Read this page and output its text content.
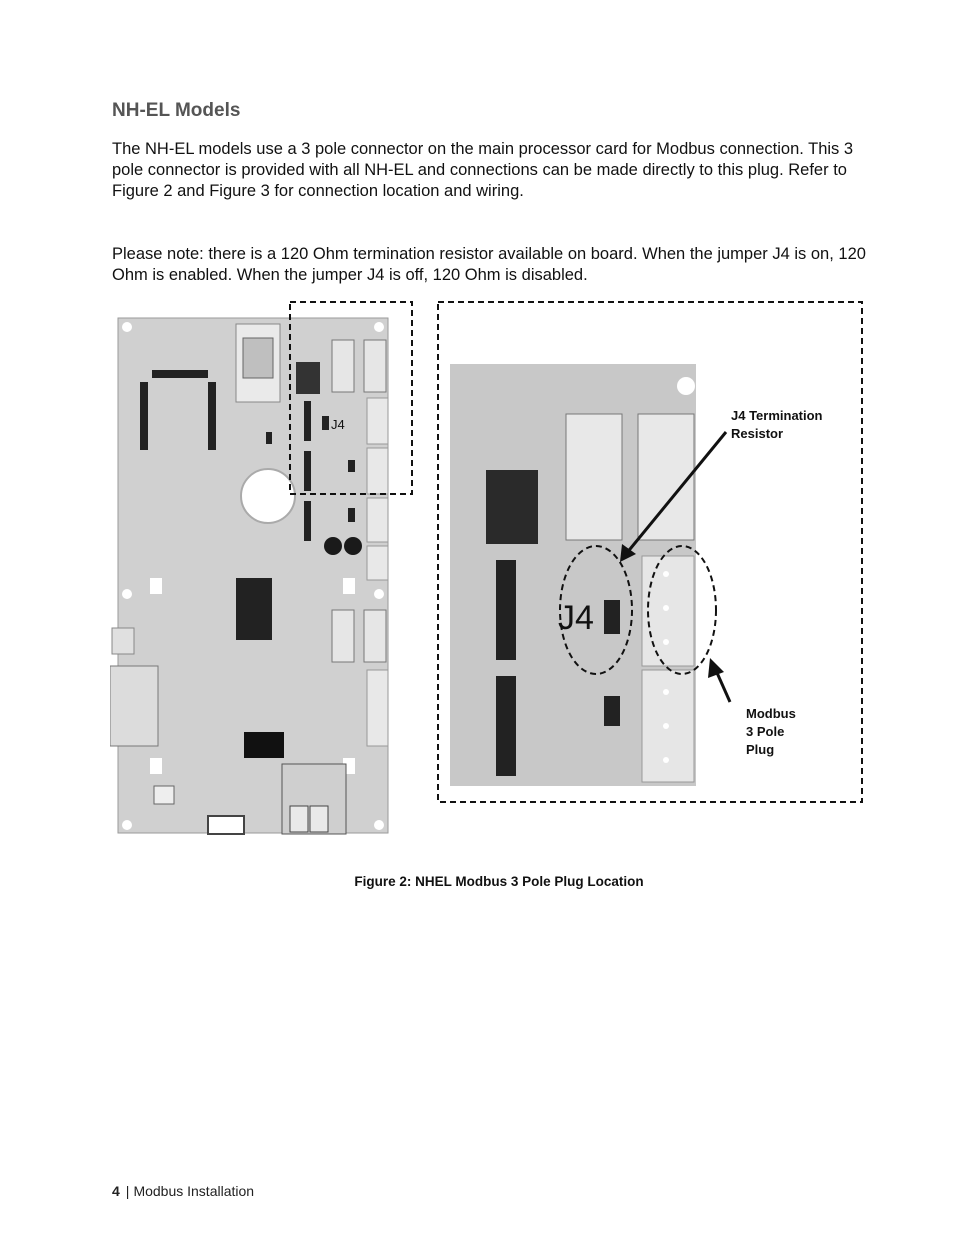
NH-EL Models

The NH-EL models use a 3 pole connector on the main processor card for Modbus connection. This 3 pole connector is provided with all NH-EL and connections can be made directly to this plug. Refer to Figure 2 and Figure 3 for connection location and wiring.

Please note: there is a 120 Ohm termination resistor available on board. When the jumper J4 is on, 120 Ohm is enabled. When the jumper J4 is off, 120 Ohm is disabled.

J4
J4
J4 Termination
Resistor
Modbus
3 Pole
Plug

Figure 2: NHEL Modbus 3 Pole Plug Location

4 | Modbus Installation
